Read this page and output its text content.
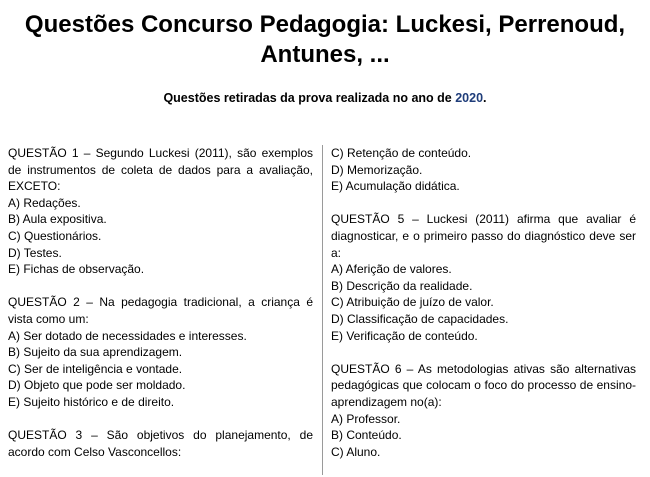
Questões Concurso Pedagogia: Luckesi, Perrenoud,
Antunes, ...
Questões retiradas da prova realizada no ano de 2020.
QUESTÃO 1 – Segundo Luckesi (2011), são exemplos de instrumentos de coleta de dados para a avaliação, EXCETO:
A) Redações.
B) Aula expositiva.
C) Questionários.
D) Testes.
E) Fichas de observação.
QUESTÃO 2 – Na pedagogia tradicional, a criança é vista como um:
A) Ser dotado de necessidades e interesses.
B) Sujeito da sua aprendizagem.
C) Ser de inteligência e vontade.
D) Objeto que pode ser moldado.
E) Sujeito histórico e de direito.
QUESTÃO 3 – São objetivos do planejamento, de acordo com Celso Vasconcellos:
C) Retenção de conteúdo.
D) Memorização.
E) Acumulação didática.
QUESTÃO 5 – Luckesi (2011) afirma que avaliar é diagnosticar, e o primeiro passo do diagnóstico deve ser a:
A) Aferição de valores.
B) Descrição da realidade.
C) Atribuição de juízo de valor.
D) Classificação de capacidades.
E) Verificação de conteúdo.
QUESTÃO 6 – As metodologias ativas são alternativas pedagógicas que colocam o foco do processo de ensino-aprendizagem no(a):
A) Professor.
B) Conteúdo.
C) Aluno.
